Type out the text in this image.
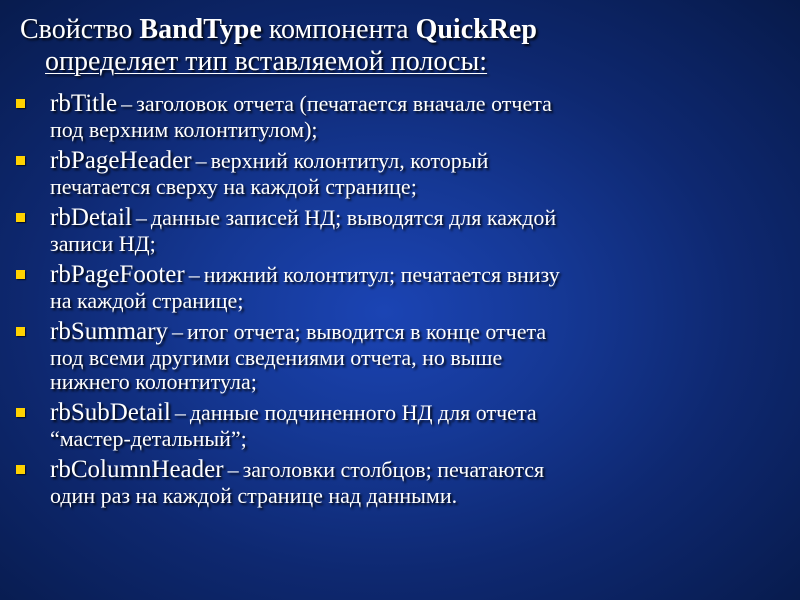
Свойство BandType компонента QuickRep
определяет тип вставляемой полосы:
rbTitle – заголовок отчета (печатается вначале отчета
под верхним колонтитулом);
rbPageHeader – верхний колонтитул, который
печатается сверху на каждой странице;
rbDetail – данные записей НД; выводятся для каждой
записи НД;
rbPageFooter – нижний колонтитул; печатается внизу
на каждой странице;
rbSummary – итог отчета; выводится в конце отчета
под всеми другими сведениями отчета, но выше
нижнего колонтитула;
rbSubDetail – данные подчиненного НД для отчета
“мастер-детальный”;
rbColumnHeader – заголовки столбцов; печатаются
один раз на каждой странице над данными.
